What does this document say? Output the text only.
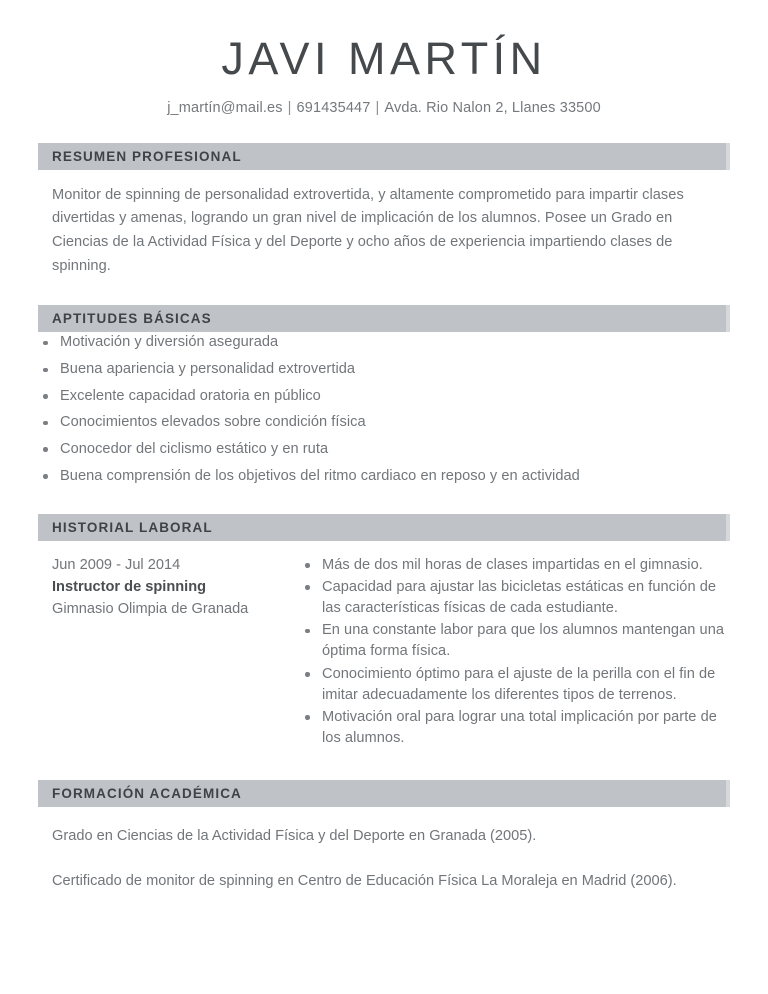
JAVI MARTÍN
j_martín@mail.es | 691435447 | Avda. Rio Nalon 2, Llanes 33500
RESUMEN PROFESIONAL

Monitor de spinning de personalidad extrovertida, y altamente comprometido para impartir clases divertidas y amenas, logrando un gran nivel de implicación de los alumnos. Posee un Grado en Ciencias de la Actividad Física y del Deporte y ocho años de experiencia impartiendo clases de spinning.

APTITUDES BÁSICAS
Motivación y diversión asegurada
Buena apariencia y personalidad extrovertida
Excelente capacidad oratoria en público
Conocimientos elevados sobre condición física
Conocedor del ciclismo estático y en ruta
Buena comprensión de los objetivos del ritmo cardiaco en reposo y en actividad
HISTORIAL LABORAL
Jun 2009 - Jul 2014
Instructor de spinning
Gimnasio Olimpia de Granada
Más de dos mil horas de clases impartidas en el gimnasio.
Capacidad para ajustar las bicicletas estáticas en función de las características físicas de cada estudiante.
En una constante labor para que los alumnos mantengan una óptima forma física.
Conocimiento óptimo para el ajuste de la perilla con el fin de imitar adecuadamente los diferentes tipos de terrenos.
Motivación oral para lograr una total implicación por parte de los alumnos.
FORMACIÓN ACADÉMICA
Grado en Ciencias de la Actividad Física y del Deporte en Granada (2005).
Certificado de monitor de spinning en Centro de Educación Física La Moraleja en Madrid (2006).
